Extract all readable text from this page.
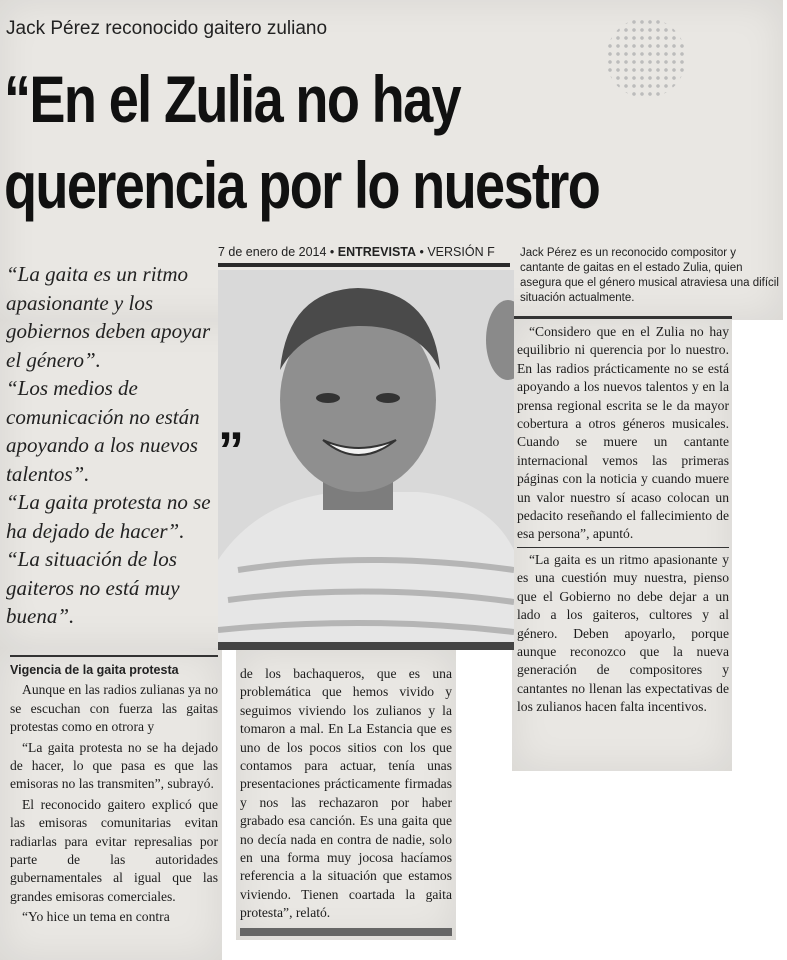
Jack Pérez reconocido gaitero zuliano
“En el Zulia no hay
querencia por lo nuestro
7 de enero de 2014 • ENTREVISTA • VERSIÓN F	Jack Pérez es un reconocido compositor y cantante de gaitas en el estado Zulia, quien asegura que el género musical atraviesa una difícil situación actualmente.

“La gaita es un ritmo apasionante y los gobiernos deben apoyar el género”.

“Los medios de comunicación no están apoyando a los nuevos talentos”.

“La gaita protesta no se ha dejado de hacer”.

“La situación de los gaiteros no está muy buena”.

”

“Considero que en el Zulia no hay equilibrio ni querencia por lo nuestro. En las radios prácticamente no se está apoyando a los nuevos talentos y en la prensa regional escrita se le da mayor cobertura a otros géneros musicales. Cuando se muere un cantante internacional vemos las primeras páginas con la noticia y cuando muere un valor nuestro sí acaso colocan un pedacito reseñando el fallecimiento de esa persona”, apuntó.

“La gaita es un ritmo apasionante y es una cuestión muy nuestra, pienso que el Gobierno no debe dejar a un lado a los gaiteros, cultores y al género. Deben apoyarlo, porque aunque reconozco que la nueva generación de compositores y cantantes no llenan las expectativas de los zulianos hacen falta incentivos.

Vigencia de la gaita protesta

Aunque en las radios zulianas ya no se escuchan con fuerza las gaitas protestas como en otrora y

“La gaita protesta no se ha dejado de hacer, lo que pasa es que las emisoras no las transmiten”, subrayó.

El reconocido gaitero explicó que las emisoras comunitarias evitan radiarlas para evitar represalias por parte de las autoridades gubernamentales al igual que las grandes emisoras comerciales.

“Yo hice un tema en contra

de los bachaqueros, que es una problemática que hemos vivido y seguimos viviendo los zulianos y la tomaron a mal. En La Estancia que es uno de los pocos sitios con los que contamos para actuar, tenía unas presentaciones prácticamente firmadas y nos las rechazaron por haber grabado esa canción. Es una gaita que no decía nada en contra de nadie, solo en una forma muy jocosa hacíamos referencia a la situación que estamos viviendo. Tienen coartada la gaita protesta”, relató.
